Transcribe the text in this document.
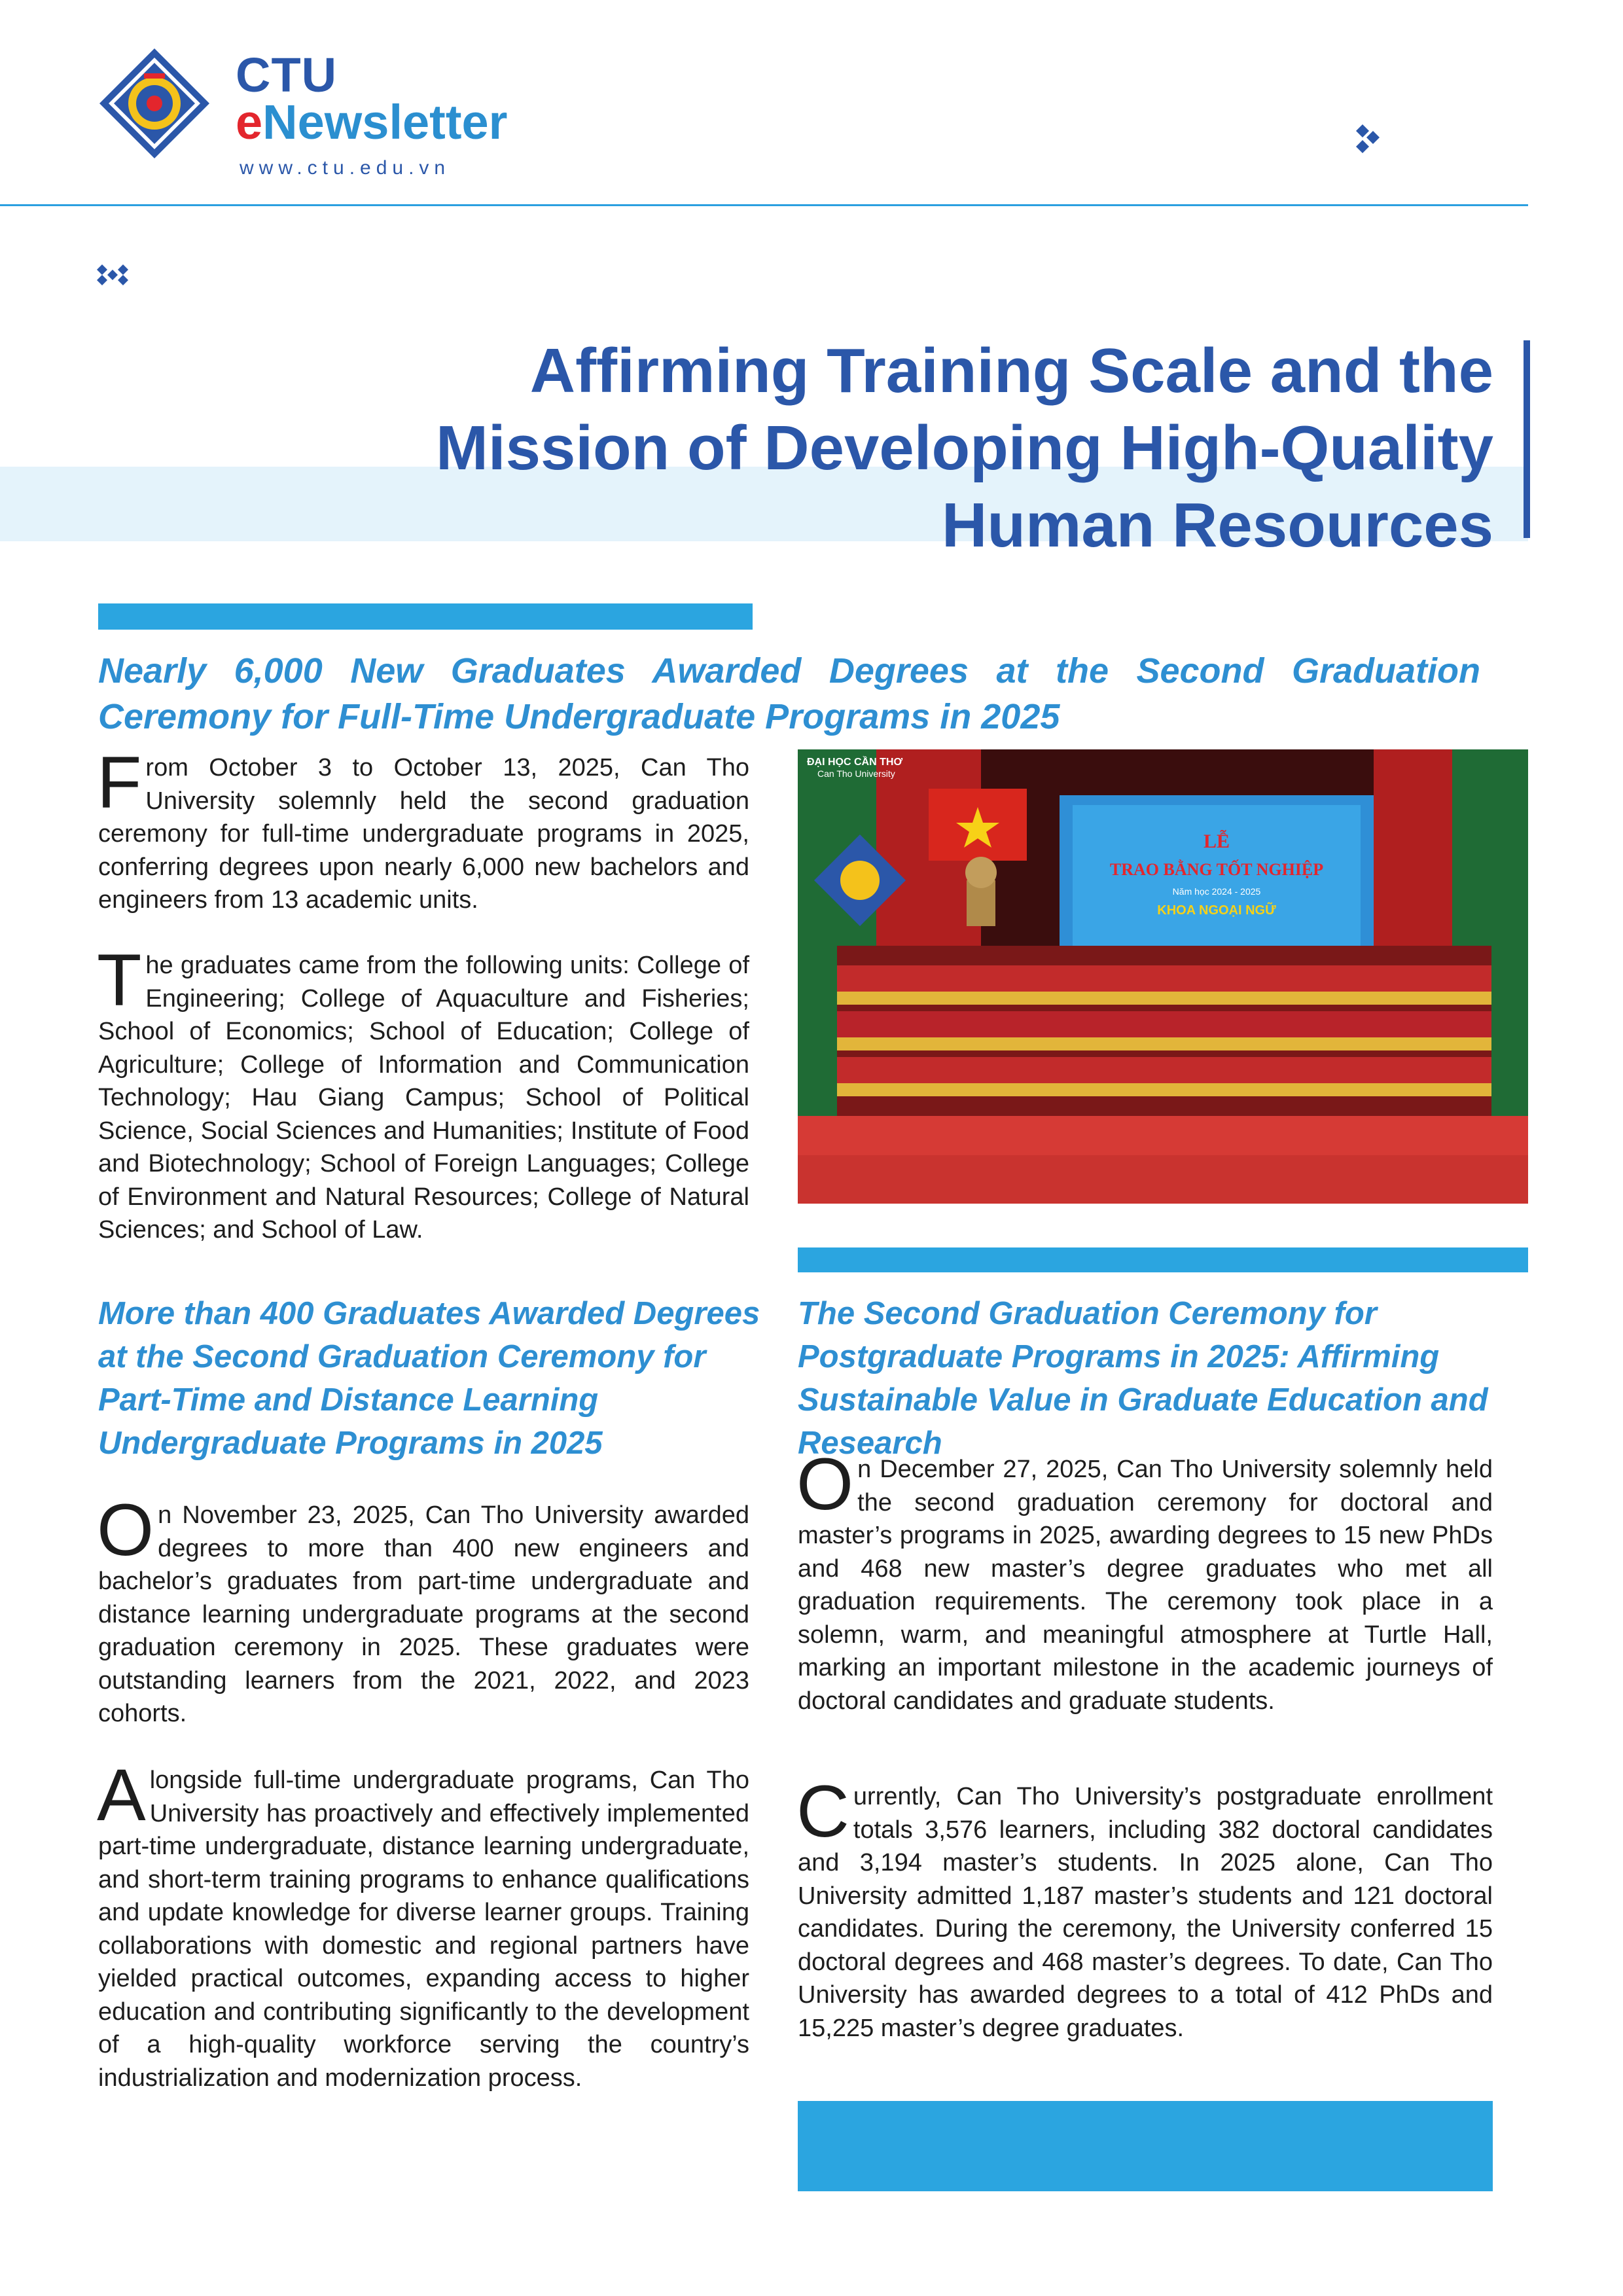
CTU
eNewsletter
www.ctu.edu.vn
Affirming Training Scale and the
Mission of Developing High-Quality
Human Resources
Nearly 6,000 New Graduates Awarded Degrees at the Second Graduation Ceremony for Full-Time Undergraduate Programs in 2025
From October 3 to October 13, 2025, Can Tho University solemnly held the second graduation ceremony for full-time undergraduate programs in 2025, conferring degrees upon nearly 6,000 new bachelors and engineers from 13 academic units.
The graduates came from the following units: College of Engineering; College of Aquaculture and Fisheries; School of Economics; School of Education; College of Agriculture; College of Information and Communication Technology; Hau Giang Campus; School of Political Science, Social Sciences and Humanities; Institute of Food and Biotechnology; School of Foreign Languages; College of Environment and Natural Resources; College of Natural Sciences; and School of Law.
LỄ
TRAO BẰNG TỐT NGHIỆP
Năm học 2024 - 2025
KHOA NGOẠI NGỮ
ĐẠI HỌC CẦN THƠ
Can Tho University
More than 400 Graduates Awarded Degrees at the Second Graduation Ceremony for Part-Time and Distance Learning Undergraduate Programs in 2025
On November 23, 2025, Can Tho University awarded degrees to more than 400 new engineers and bachelor’s graduates from part-time undergraduate and distance learning undergraduate programs at the second graduation ceremony in 2025. These graduates were outstanding learners from the 2021, 2022, and 2023 cohorts.
Alongside full-time undergraduate programs, Can Tho University has proactively and effectively implemented part-time undergraduate, distance learning undergraduate, and short-term training programs to enhance qualifications and update knowledge for diverse learner groups. Training collaborations with domestic and regional partners have yielded practical outcomes, expanding access to higher education and contributing significantly to the development of a high-quality workforce serving the country’s industrialization and modernization process.
The Second Graduation Ceremony for Postgraduate Programs in 2025: Affirming Sustainable Value in Graduate Education and Research
On December 27, 2025, Can Tho University solemnly held the second graduation ceremony for doctoral and master’s programs in 2025, awarding degrees to 15 new PhDs and 468 new master’s degree graduates who met all graduation requirements. The ceremony took place in a solemn, warm, and meaningful atmosphere at Turtle Hall, marking an important milestone in the academic journeys of doctoral candidates and graduate students.
Currently, Can Tho University’s postgraduate enrollment totals 3,576 learners, including 382 doctoral candidates and 3,194 master’s students. In 2025 alone, Can Tho University admitted 1,187 master’s students and 121 doctoral candidates. During the ceremony, the University conferred 15 doctoral degrees and 468 master’s degrees. To date, Can Tho University has awarded degrees to a total of 412 PhDs and 15,225 master’s degree graduates.
